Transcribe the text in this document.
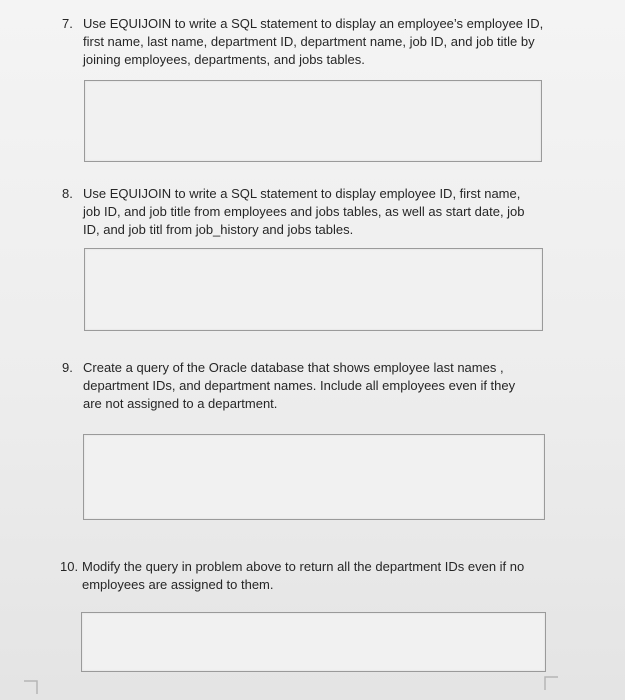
7. Use EQUIJOIN to write a SQL statement to display an employee’s employee ID,
first name, last name, department ID, department name, job ID, and job title by
joining employees, departments, and jobs tables.
8. Use EQUIJOIN to write a SQL statement to display employee ID, first name,
job ID, and job title from employees and jobs tables, as well as start date, job
ID, and job titl from job_history and jobs tables.
9. Create a query of the Oracle database that shows employee last names ,
department IDs, and department names. Include all employees even if they
are not assigned to a department.
10. Modify the query in problem above to return all the department IDs even if no
employees are assigned to them.
